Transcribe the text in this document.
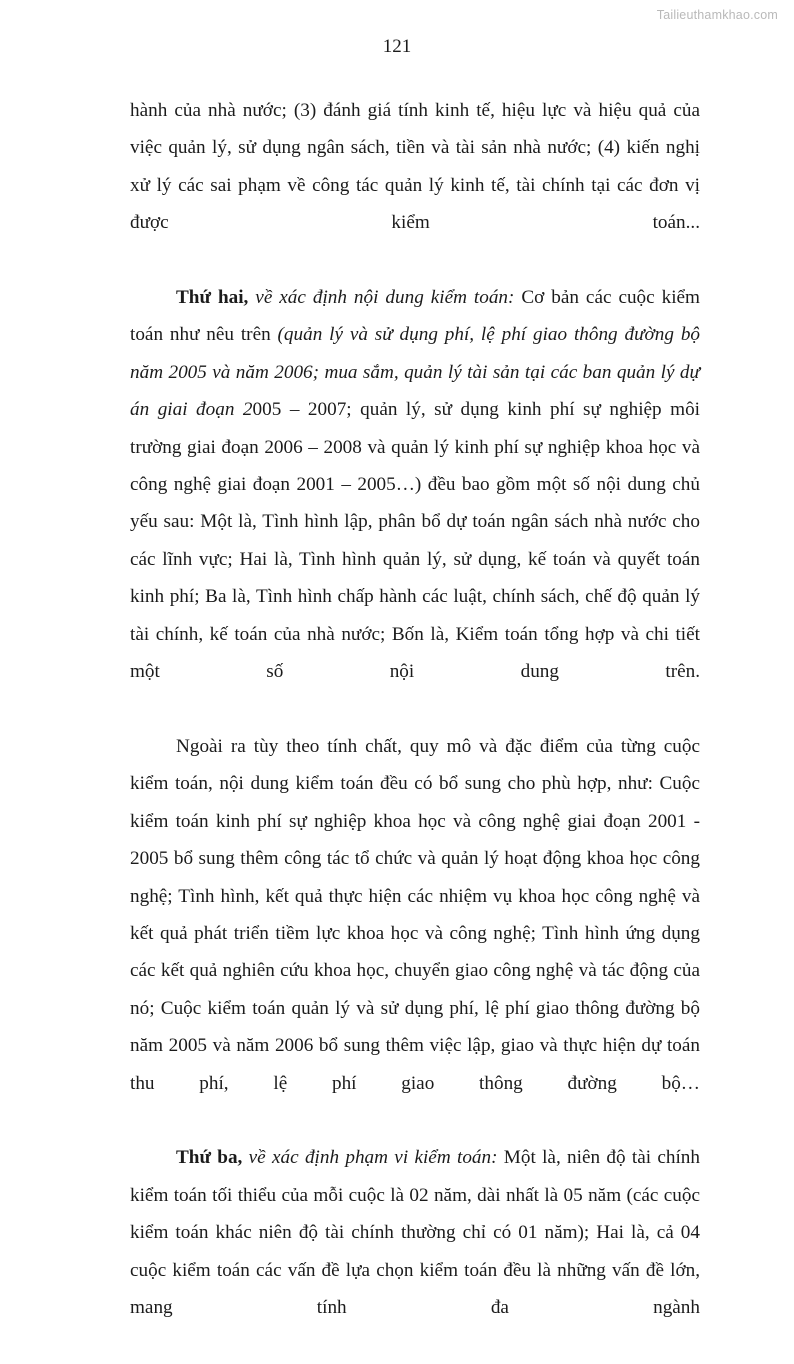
Tailieuthamkhao.com
121

hành của nhà nước; (3) đánh giá tính kinh tế, hiệu lực và hiệu quả của việc quản lý, sử dụng ngân sách, tiền và tài sản nhà nước; (4) kiến nghị xử lý các sai phạm về công tác quản lý kinh tế, tài chính tại các đơn vị được kiểm toán...

Thứ hai, về xác định nội dung kiểm toán: Cơ bản các cuộc kiểm toán như nêu trên (quản lý và sử dụng phí, lệ phí giao thông đường bộ năm 2005 và năm 2006; mua sắm, quản lý tài sản tại các ban quản lý dự án giai đoạn 2005 – 2007; quản lý, sử dụng kinh phí sự nghiệp môi trường giai đoạn 2006 – 2008 và quản lý kinh phí sự nghiệp khoa học và công nghệ giai đoạn 2001 – 2005…) đều bao gồm một số nội dung chủ yếu sau: Một là, Tình hình lập, phân bổ dự toán ngân sách nhà nước cho các lĩnh vực; Hai là, Tình hình quản lý, sử dụng, kế toán và quyết toán kinh phí; Ba là, Tình hình chấp hành các luật, chính sách, chế độ quản lý tài chính, kế toán của nhà nước; Bốn là, Kiểm toán tổng hợp và chi tiết một số nội dung trên.

Ngoài ra tùy theo tính chất, quy mô và đặc điểm của từng cuộc kiểm toán, nội dung kiểm toán đều có bổ sung cho phù hợp, như: Cuộc kiểm toán kinh phí sự nghiệp khoa học và công nghệ giai đoạn 2001 - 2005 bổ sung thêm công tác tổ chức và quản lý hoạt động khoa học công nghệ; Tình hình, kết quả thực hiện các nhiệm vụ khoa học công nghệ và kết quả phát triển tiềm lực khoa học và công nghệ; Tình hình ứng dụng các kết quả nghiên cứu khoa học, chuyển giao công nghệ và tác động của nó; Cuộc kiểm toán quản lý và sử dụng phí, lệ phí giao thông đường bộ năm 2005 và năm 2006 bổ sung thêm việc lập, giao và thực hiện dự toán thu phí, lệ phí giao thông đường bộ…

Thứ ba, về xác định phạm vi kiểm toán: Một là, niên độ tài chính kiểm toán tối thiểu của mỗi cuộc là 02 năm, dài nhất là 05 năm (các cuộc kiểm toán khác niên độ tài chính thường chỉ có 01 năm); Hai là, cả 04 cuộc kiểm toán các vấn đề lựa chọn kiểm toán đều là những vấn đề lớn, mang tính đa ngành
